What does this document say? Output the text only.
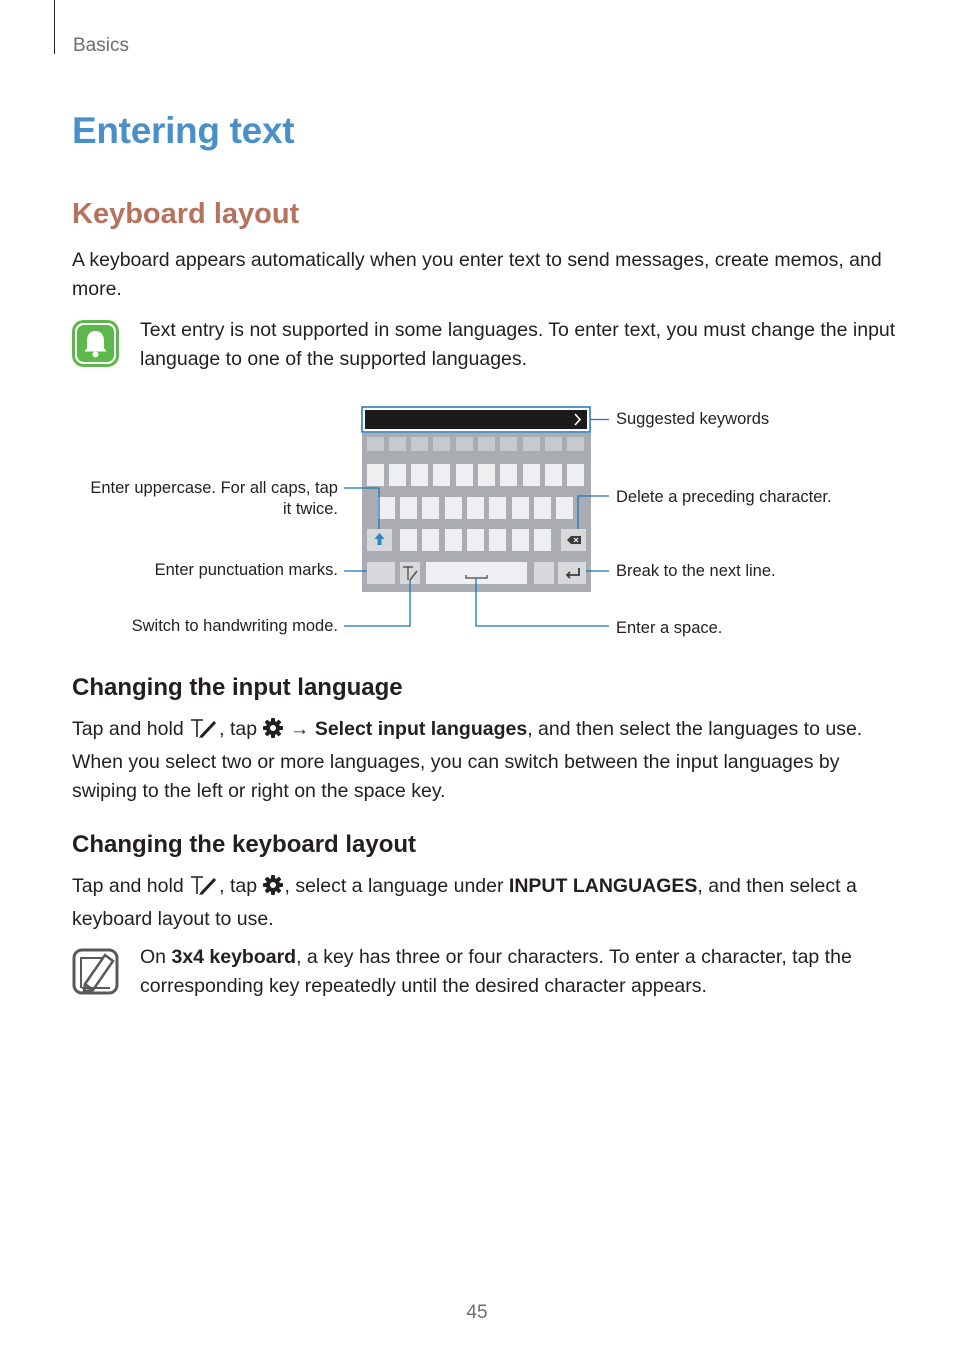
Basics
Entering text
Keyboard layout
A keyboard appears automatically when you enter text to send messages, create memos, and more.
Text entry is not supported in some languages. To enter text, you must change the input language to one of the supported languages.
Suggested keywords
Enter uppercase. For all caps, tap
it twice.
Delete a preceding character.
Enter punctuation marks.	Break to the next line.
Switch to handwriting mode.	Enter a space.
Changing the input language
Tap and hold , tap  → Select input languages, and then select the languages to use. When you select two or more languages, you can switch between the input languages by swiping to the left or right on the space key.
Changing the keyboard layout
Tap and hold , tap , select a language under INPUT LANGUAGES, and then select a keyboard layout to use.
On 3x4 keyboard, a key has three or four characters. To enter a character, tap the corresponding key repeatedly until the desired character appears.
45
